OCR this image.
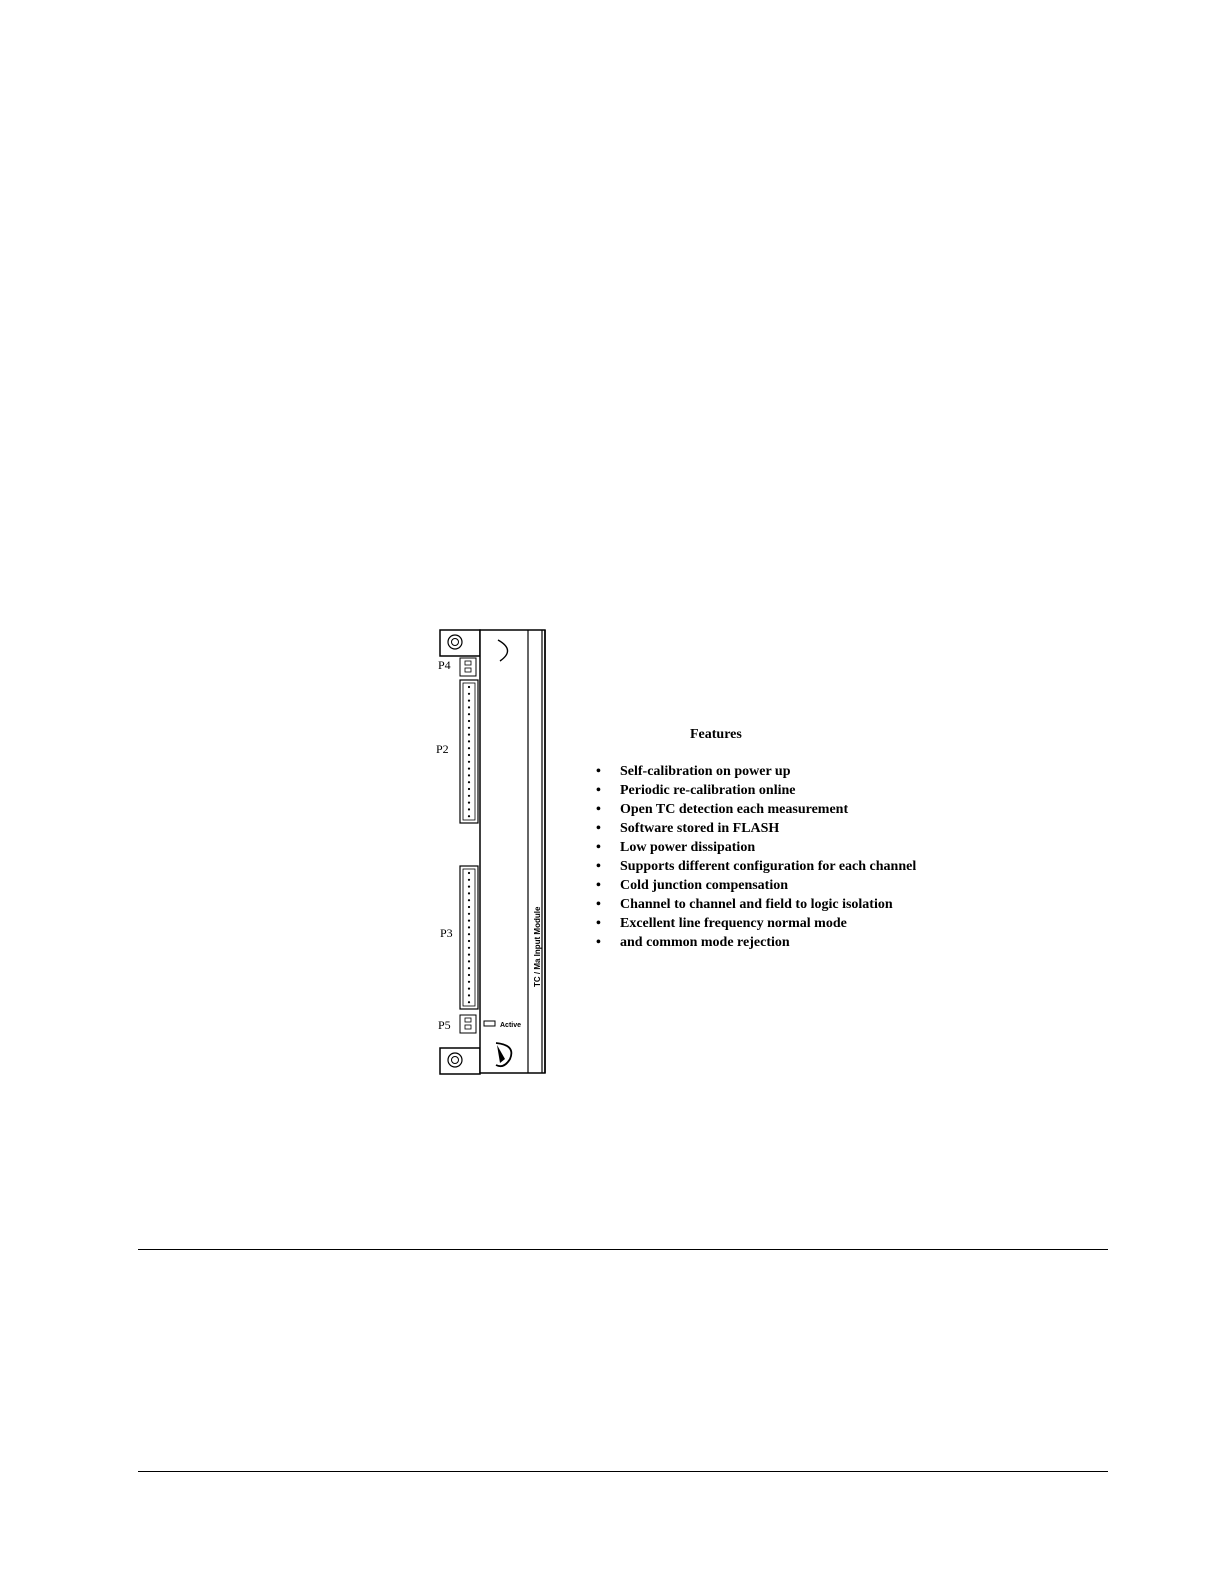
Active
TC / Ma Input Module
P4
P2
P3
P5
Features
• Self-calibration on power up
• Periodic re-calibration online
• Open TC detection each measurement
• Software stored in FLASH
• Low power dissipation
• Supports different configuration for each channel
• Cold junction compensation
• Channel to channel and field to logic isolation
• Excellent line frequency normal mode
• and common mode rejection
